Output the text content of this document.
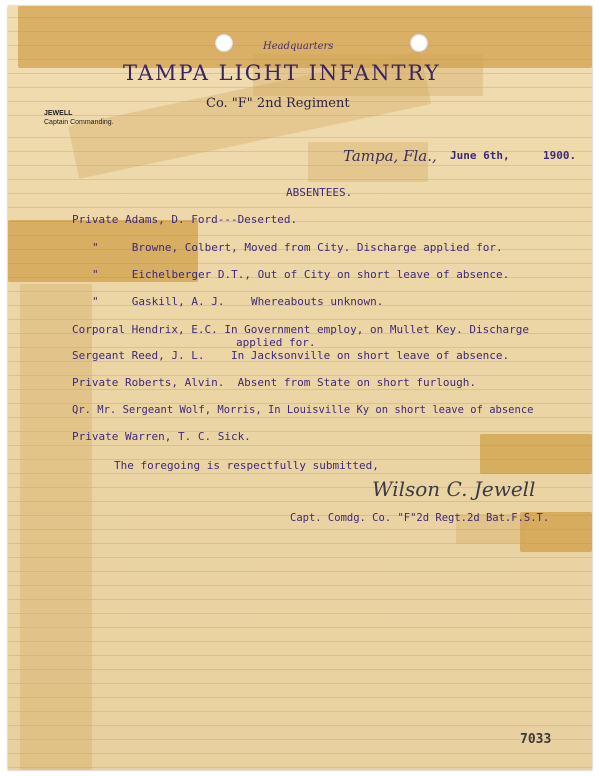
Headquarters
TAMPA LIGHT INFANTRY
Co. "F" 2nd Regiment
JEWELL
Captain Commanding.
Tampa, Fla., June 6th,	1900.
ABSENTEES.
Private Adams, D. Ford---Deserted.
"     Browne, Colbert, Moved from City. Discharge applied for.
"     Eichelberger D.T., Out of City on short leave of absence.
"     Gaskill, A. J.    Whereabouts unknown.
Corporal Hendrix, E.C. In Government employ, on Mullet Key. Discharge
applied for.
Sergeant Reed, J. L.    In Jacksonville on short leave of absence.
Private Roberts, Alvin.  Absent from State on short furlough.
Qr. Mr. Sergeant Wolf, Morris, In Louisville Ky on short leave of absence
Private Warren, T. C. Sick.
The foregoing is respectfully submitted,
Wilson C. Jewell
Capt. Comdg. Co. "F"2d Regt.2d Bat.F.S.T.
7033
